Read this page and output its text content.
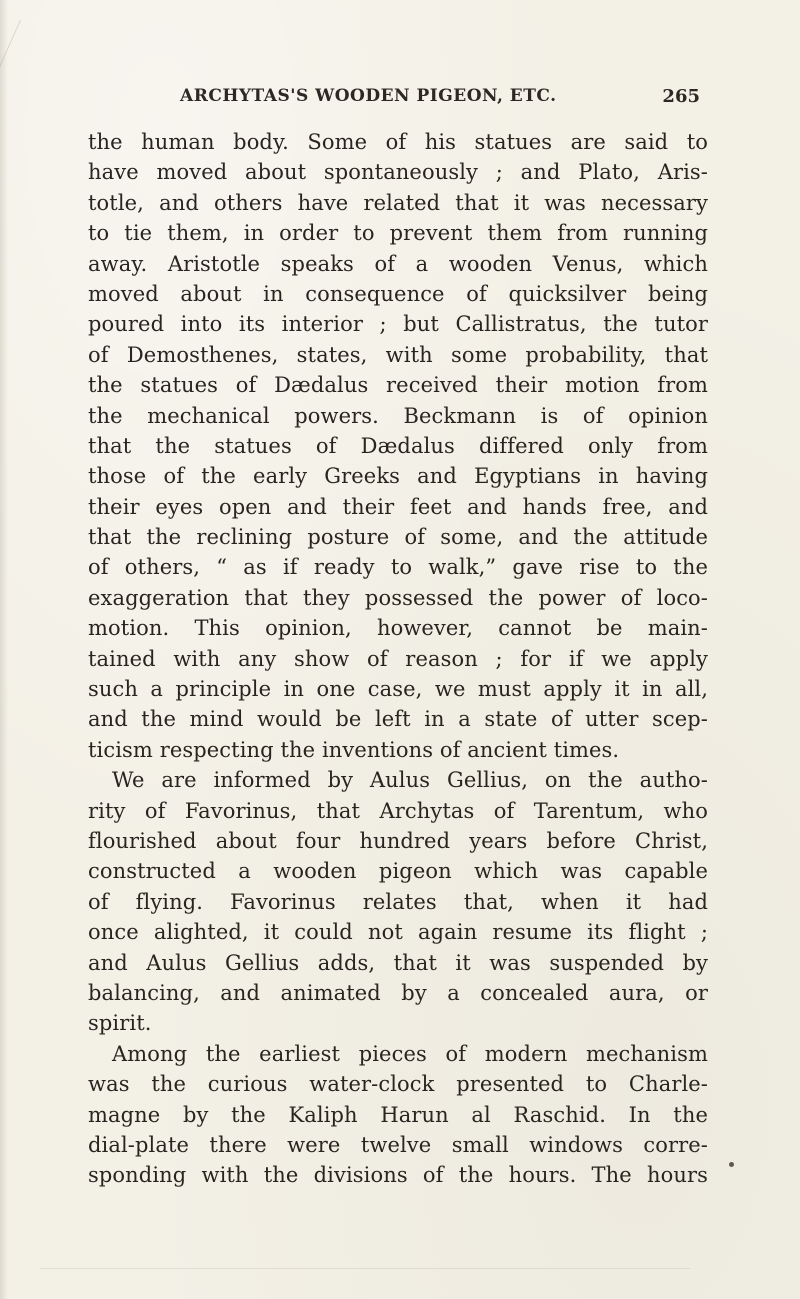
ARCHYTAS'S WOODEN PIGEON, ETC.	265
the human body. Some of his statues are said to
have moved about spontaneously ; and Plato, Aris-
totle, and others have related that it was necessary
to tie them, in order to prevent them from running
away. Aristotle speaks of a wooden Venus, which
moved about in consequence of quicksilver being
poured into its interior ; but Callistratus, the tutor
of Demosthenes, states, with some probability, that
the statues of Dædalus received their motion from
the mechanical powers. Beckmann is of opinion
that the statues of Dædalus differed only from
those of the early Greeks and Egyptians in having
their eyes open and their feet and hands free, and
that the reclining posture of some, and the attitude
of others, “ as if ready to walk,” gave rise to the
exaggeration that they possessed the power of loco-
motion. This opinion, however, cannot be main-
tained with any show of reason ; for if we apply
such a principle in one case, we must apply it in all,
and the mind would be left in a state of utter scep-
ticism respecting the inventions of ancient times.
We are informed by Aulus Gellius, on the autho-
rity of Favorinus, that Archytas of Tarentum, who
flourished about four hundred years before Christ,
constructed a wooden pigeon which was capable
of flying. Favorinus relates that, when it had
once alighted, it could not again resume its flight ;
and Aulus Gellius adds, that it was suspended by
balancing, and animated by a concealed aura, or
spirit.
Among the earliest pieces of modern mechanism
was the curious water-clock presented to Charle-
magne by the Kaliph Harun al Raschid. In the
dial-plate there were twelve small windows corre-
sponding with the divisions of the hours. The hours
